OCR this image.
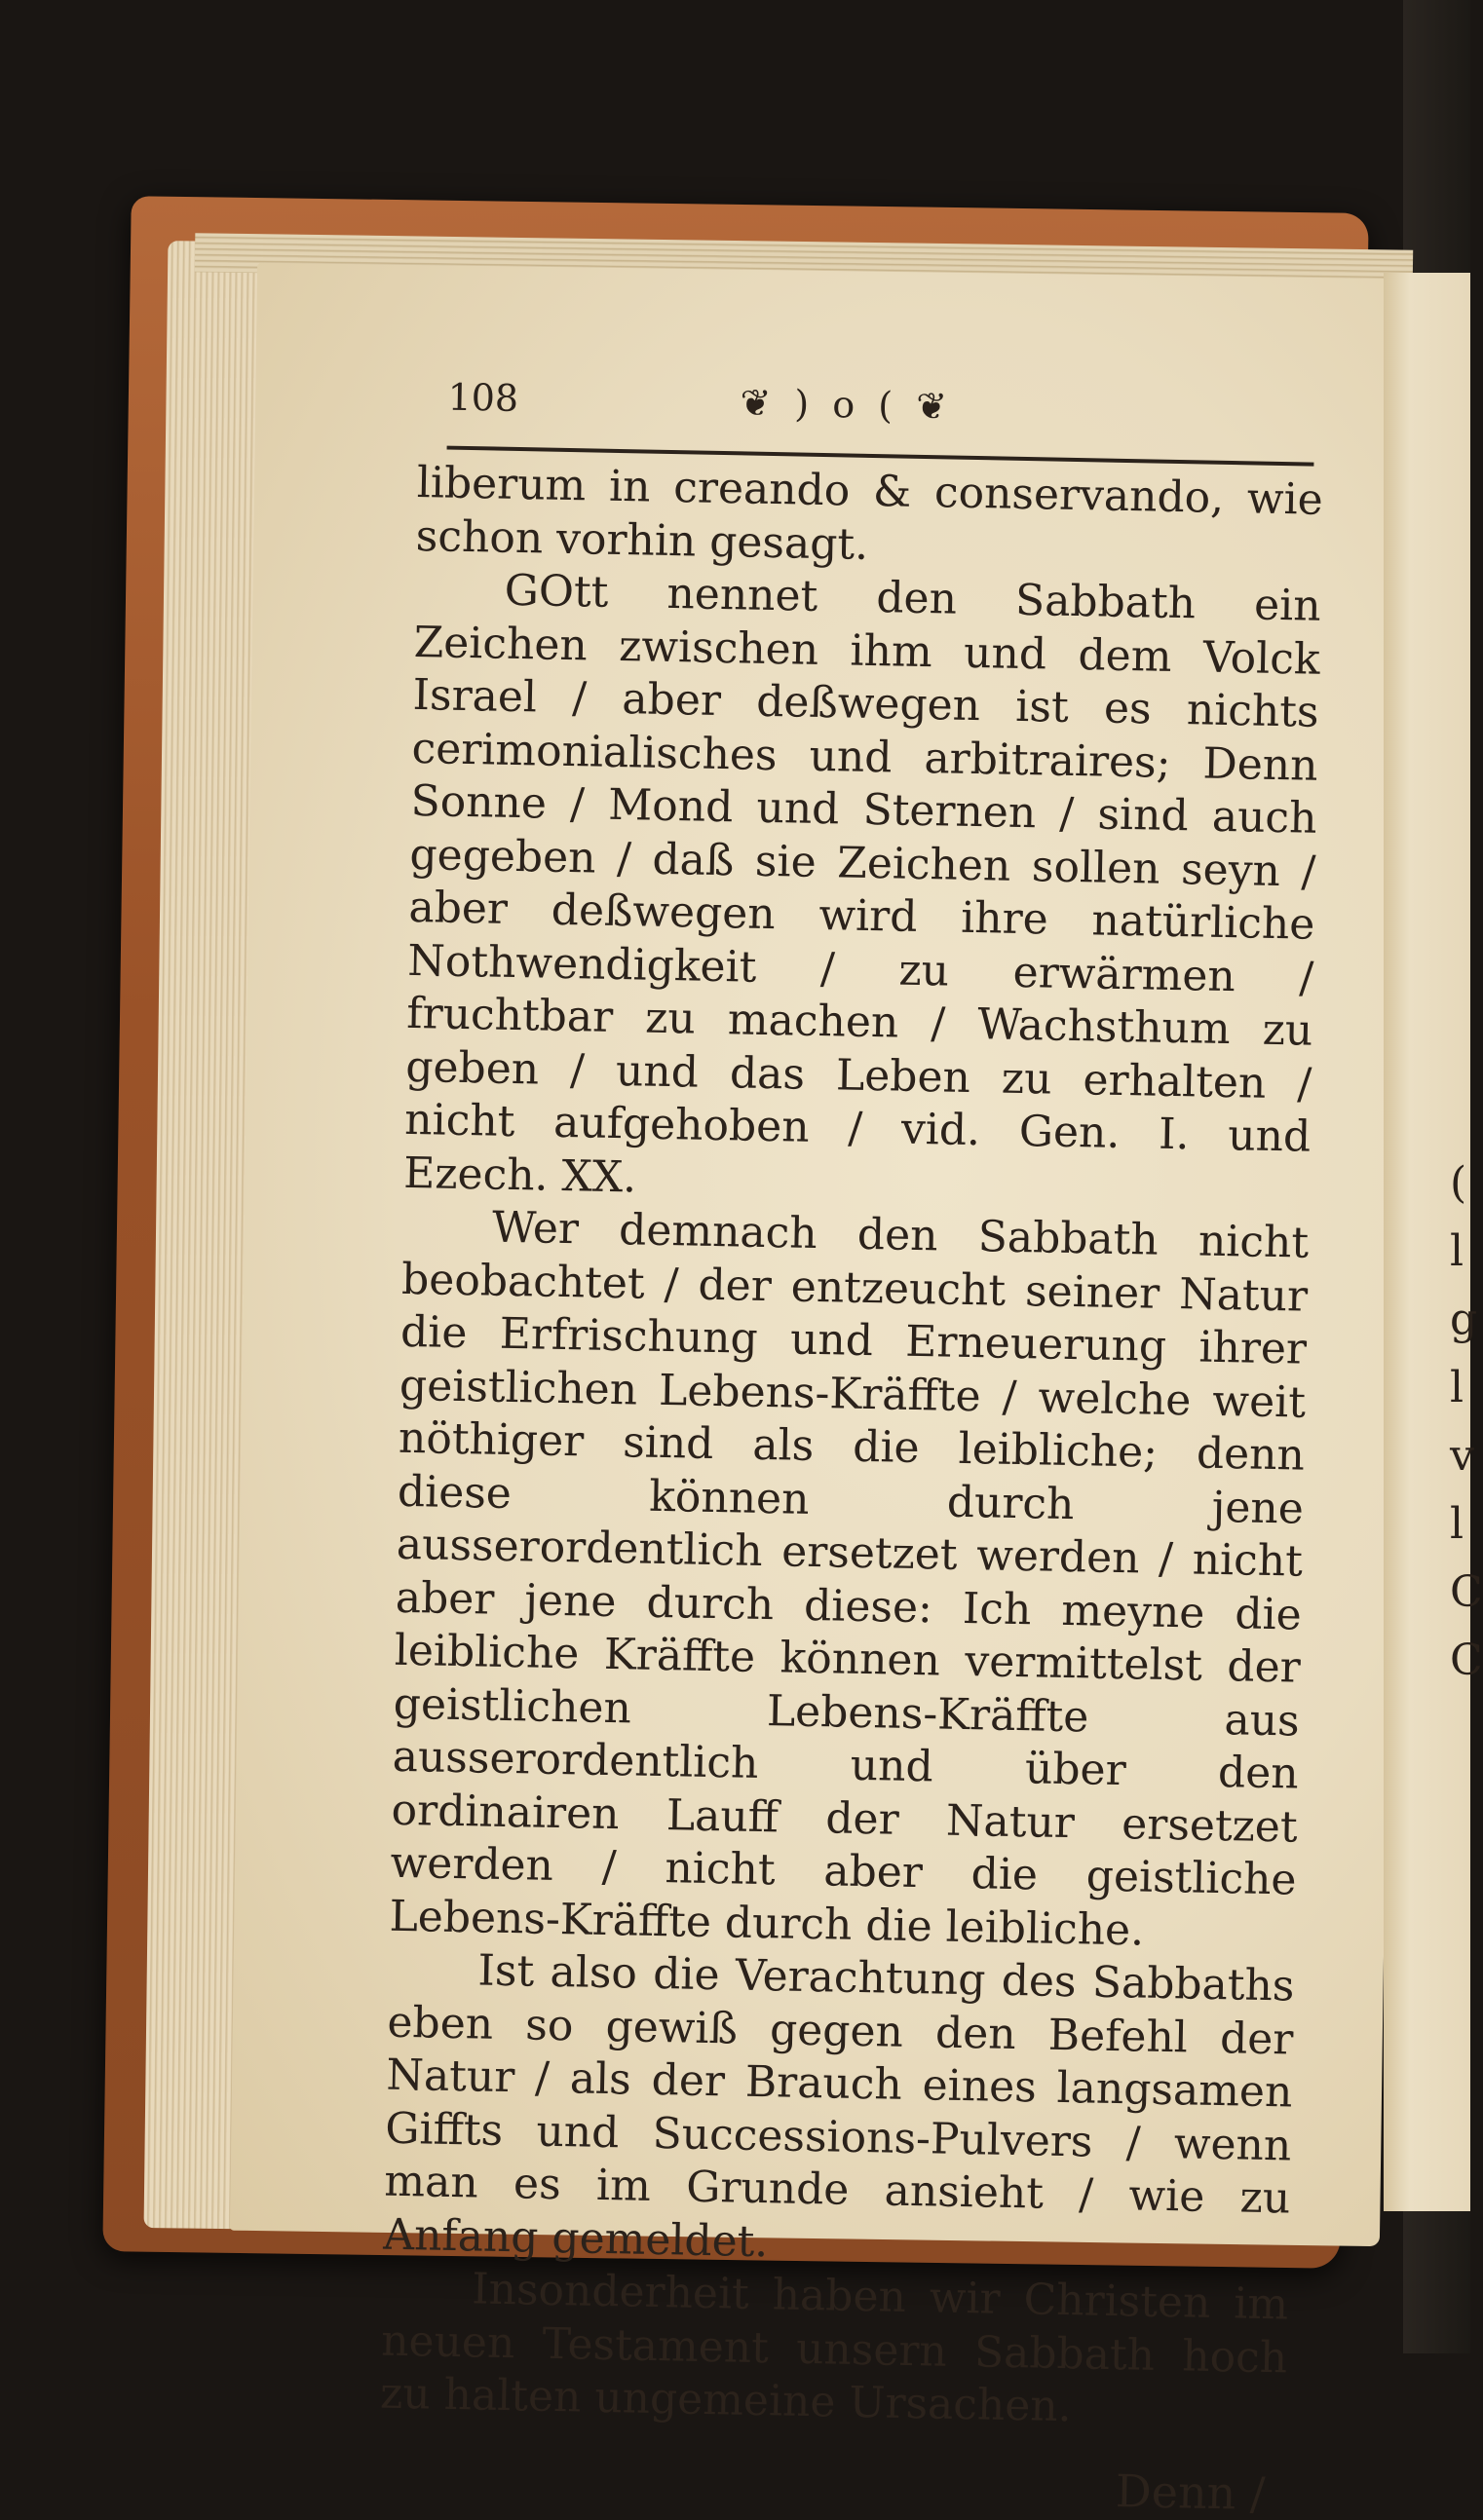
( l g l v l C C
108	❦ ) o ( ❦

liberum in creando & conservando, wie schon vorhin gesagt.

GOtt nennet den Sabbath ein Zeichen zwischen ihm und dem Volck Israel / aber deßwegen ist es nichts cerimonialisches und arbitraires; Denn Sonne / Mond und Sternen / sind auch gegeben / daß sie Zeichen sollen seyn / aber deßwegen wird ihre natürliche Nothwendigkeit / zu erwärmen / fruchtbar zu machen / Wachsthum zu geben / und das Leben zu erhalten / nicht aufgehoben / vid. Gen. I. und Ezech. XX.

Wer demnach den Sabbath nicht beobachtet / der entzeucht seiner Natur die Erfrischung und Erneuerung ihrer geistlichen Lebens-Kräffte / welche weit nöthiger sind als die leibliche; denn diese können durch jene ausserordentlich ersetzet werden / nicht aber jene durch diese: Ich meyne die leibliche Kräffte können vermittelst der geistlichen Lebens-Kräffte aus ausserordentlich und über den ordinairen Lauff der Natur ersetzet werden / nicht aber die geistliche Lebens-Kräffte durch die leibliche.

Ist also die Verachtung des Sabbaths eben so gewiß gegen den Befehl der Natur / als der Brauch eines langsamen Giffts und Successions-Pulvers / wenn man es im Grunde ansieht / wie zu Anfang gemeldet.

Insonderheit haben wir Christen im neuen Testament unsern Sabbath hoch zu halten ungemeine Ursachen.

Denn /
